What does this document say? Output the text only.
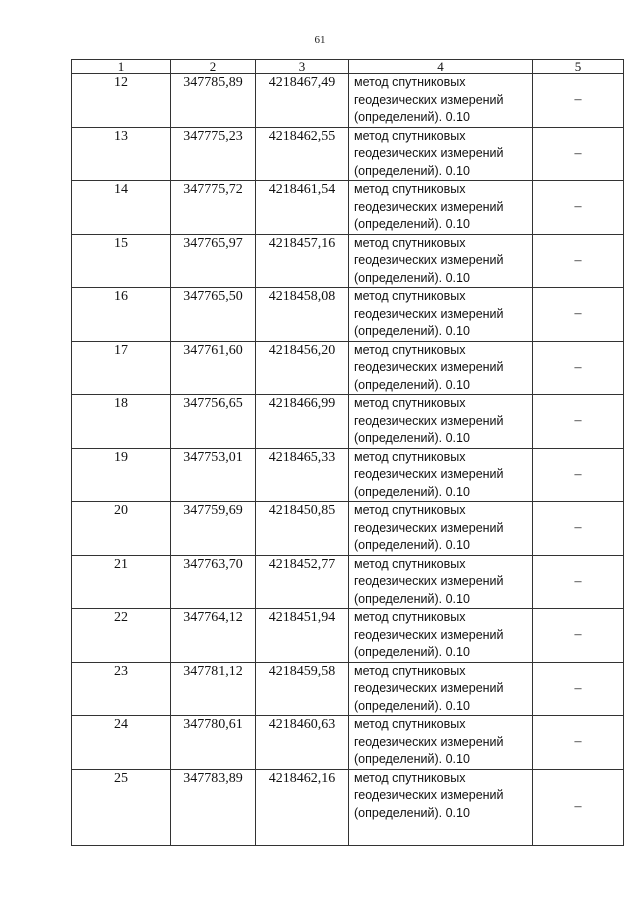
61
1	2	3	4	5
12	347785,89	4218467,49	метод спутниковых
геодезических измерений
(определений). 0.10	–
13	347775,23	4218462,55	метод спутниковых
геодезических измерений
(определений). 0.10	–
14	347775,72	4218461,54	метод спутниковых
геодезических измерений
(определений). 0.10	–
15	347765,97	4218457,16	метод спутниковых
геодезических измерений
(определений). 0.10	–
16	347765,50	4218458,08	метод спутниковых
геодезических измерений
(определений). 0.10	–
17	347761,60	4218456,20	метод спутниковых
геодезических измерений
(определений). 0.10	–
18	347756,65	4218466,99	метод спутниковых
геодезических измерений
(определений). 0.10	–
19	347753,01	4218465,33	метод спутниковых
геодезических измерений
(определений). 0.10	–
20	347759,69	4218450,85	метод спутниковых
геодезических измерений
(определений). 0.10	–
21	347763,70	4218452,77	метод спутниковых
геодезических измерений
(определений). 0.10	–
22	347764,12	4218451,94	метод спутниковых
геодезических измерений
(определений). 0.10	–
23	347781,12	4218459,58	метод спутниковых
геодезических измерений
(определений). 0.10	–
24	347780,61	4218460,63	метод спутниковых
геодезических измерений
(определений). 0.10	–
25	347783,89	4218462,16	метод спутниковых
геодезических измерений
(определений). 0.10	–
